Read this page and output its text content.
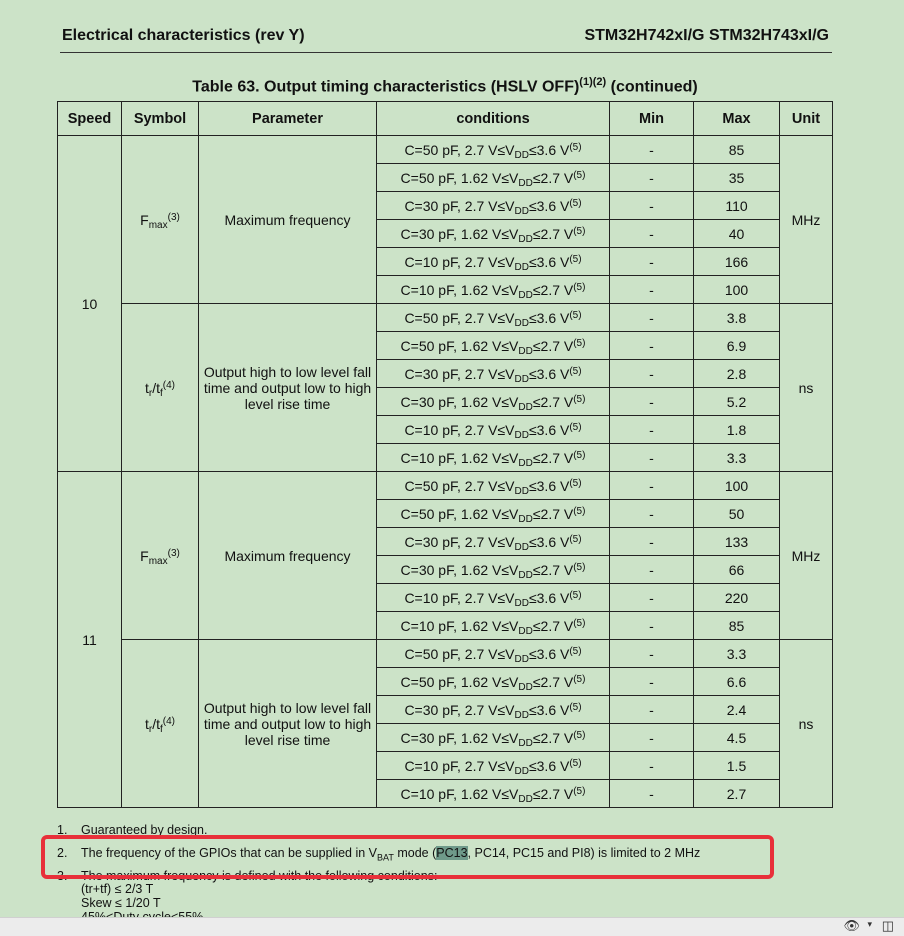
Electrical characteristics (rev Y)	STM32H742xI/G STM32H743xI/G
Table 63. Output timing characteristics (HSLV OFF)$^{(1)(2)}$ (continued)
Speed	Symbol	Parameter	conditions	Min	Max	Unit
10	$F_{max}^{(3)}$	Maximum frequency	C=50 pF, 2.7 $V\le V_{DD}\le 3.6$ $V^{(5)}$	-	85	MHz
			C=50 pF, 1.62 $V\le V_{DD}\le 2.7$ $V^{(5)}$	-	35	
			C=30 pF, 2.7 $V\le V_{DD}\le 3.6$ $V^{(5)}$	-	110	
			C=30 pF, 1.62 $V\le V_{DD}\le 2.7$ $V^{(5)}$	-	40	
			C=10 pF, 2.7 $V\le V_{DD}\le 3.6$ $V^{(5)}$	-	166	
			C=10 pF, 1.62 $V\le V_{DD}\le 2.7$ $V^{(5)}$	-	100	
	$t_r/t_f^{(4)}$	Output high to low level fall time and output low to high level rise time	C=50 pF, 2.7 $V\le V_{DD}\le 3.6$ $V^{(5)}$	-	3.8	ns
			C=50 pF, 1.62 $V\le V_{DD}\le 2.7$ $V^{(5)}$	-	6.9	
			C=30 pF, 2.7 $V\le V_{DD}\le 3.6$ $V^{(5)}$	-	2.8	
			C=30 pF, 1.62 $V\le V_{DD}\le 2.7$ $V^{(5)}$	-	5.2	
			C=10 pF, 2.7 $V\le V_{DD}\le 3.6$ $V^{(5)}$	-	1.8	
			C=10 pF, 1.62 $V\le V_{DD}\le 2.7$ $V^{(5)}$	-	3.3	
11	$F_{max}^{(3)}$	Maximum frequency	C=50 pF, 2.7 $V\le V_{DD}\le 3.6$ $V^{(5)}$	-	100	MHz
			C=50 pF, 1.62 $V\le V_{DD}\le 2.7$ $V^{(5)}$	-	50	
			C=30 pF, 2.7 $V\le V_{DD}\le 3.6$ $V^{(5)}$	-	133	
			C=30 pF, 1.62 $V\le V_{DD}\le 2.7$ $V^{(5)}$	-	66	
			C=10 pF, 2.7 $V\le V_{DD}\le 3.6$ $V^{(5)}$	-	220	
			C=10 pF, 1.62 $V\le V_{DD}\le 2.7$ $V^{(5)}$	-	85	
	$t_r/t_f^{(4)}$	Output high to low level fall time and output low to high level rise time	C=50 pF, 2.7 $V\le V_{DD}\le 3.6$ $V^{(5)}$	-	3.3	ns
			C=50 pF, 1.62 $V\le V_{DD}\le 2.7$ $V^{(5)}$	-	6.6	
			C=30 pF, 2.7 $V\le V_{DD}\le 3.6$ $V^{(5)}$	-	2.4	
			C=30 pF, 1.62 $V\le V_{DD}\le 2.7$ $V^{(5)}$	-	4.5	
			C=10 pF, 2.7 $V\le V_{DD}\le 3.6$ $V^{(5)}$	-	1.5	
			C=10 pF, 1.62 $V\le V_{DD}\le 2.7$ $V^{(5)}$	-	2.7	
1. Guaranteed by design.
2. The frequency of the GPIOs that can be supplied in $V_{BAT}$ mode (PC13, PC14, PC15 and PI8) is limited to 2 MHz
3. The maximum frequency is defined with the following conditions:
(tr+tf) ≤ 2/3 T
Skew ≤ 1/20 T
👁 ▾ ◫
